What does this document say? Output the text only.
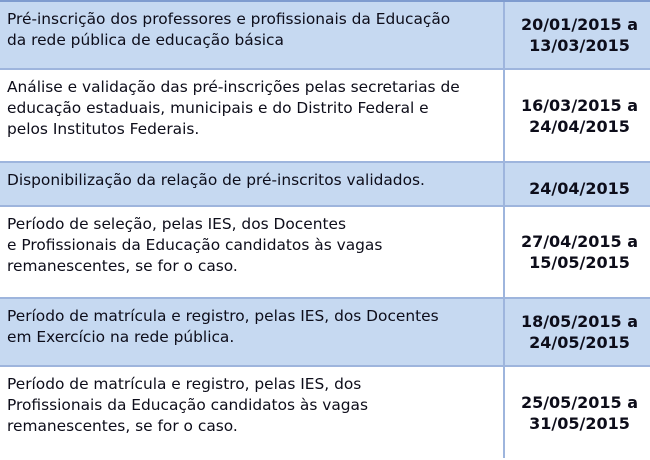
Pré-inscrição dos professores e profissionais da Educação
da rede pública de educação básica
20/01/2015 a
13/03/2015
Análise e validação das pré-inscrições pelas secretarias de
educação estaduais, municipais e do Distrito Federal e
pelos Institutos Federais.
16/03/2015 a
24/04/2015
Disponibilização da relação de pré-inscritos validados.	24/04/2015
Período de seleção, pelas IES, dos Docentes
e Profissionais da Educação candidatos às vagas
remanescentes, se for o caso.
27/04/2015 a
15/05/2015
Período de matrícula e registro, pelas IES, dos Docentes
em Exercício na rede pública.
18/05/2015 a
24/05/2015
Período de matrícula e registro, pelas IES, dos
Profissionais da Educação candidatos às vagas
remanescentes, se for o caso.
25/05/2015 a
31/05/2015
